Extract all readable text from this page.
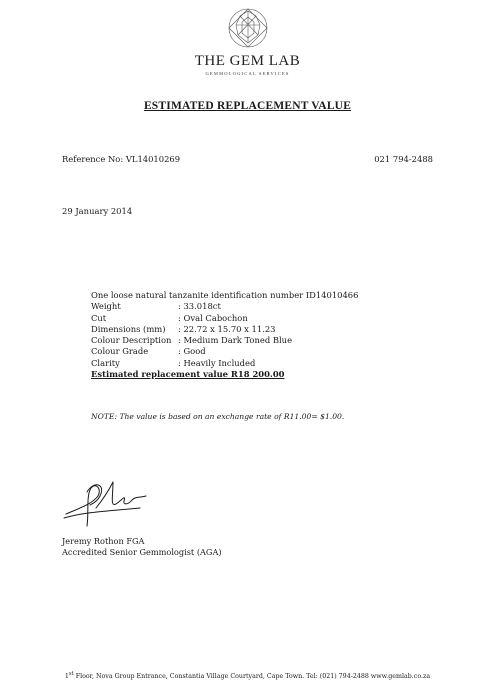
THE GEM LAB
GEMMOLOGICAL SERVICES
ESTIMATED REPLACEMENT VALUE
Reference No: VL14010269	021 794-2488
29 January 2014
One loose natural tanzanite identification number ID14010466
Weight	: 33.018ct
Cut	: Oval Cabochon
Dimensions (mm)	: 22.72 x 15.70 x 11.23
Colour Description : Medium Dark Toned Blue
Colour Grade	: Good
Clarity	: Heavily Included
Estimated replacement value R18 200.00
NOTE: The value is based on an exchange rate of R11.00= $1.00.
Jeremy Rothon FGA
Accredited Senior Gemmologist (AGA)
1st Floor, Nova Group Entrance, Constantia Village Courtyard, Cape Town. Tel: (021) 794-2488 www.gemlab.co.za
